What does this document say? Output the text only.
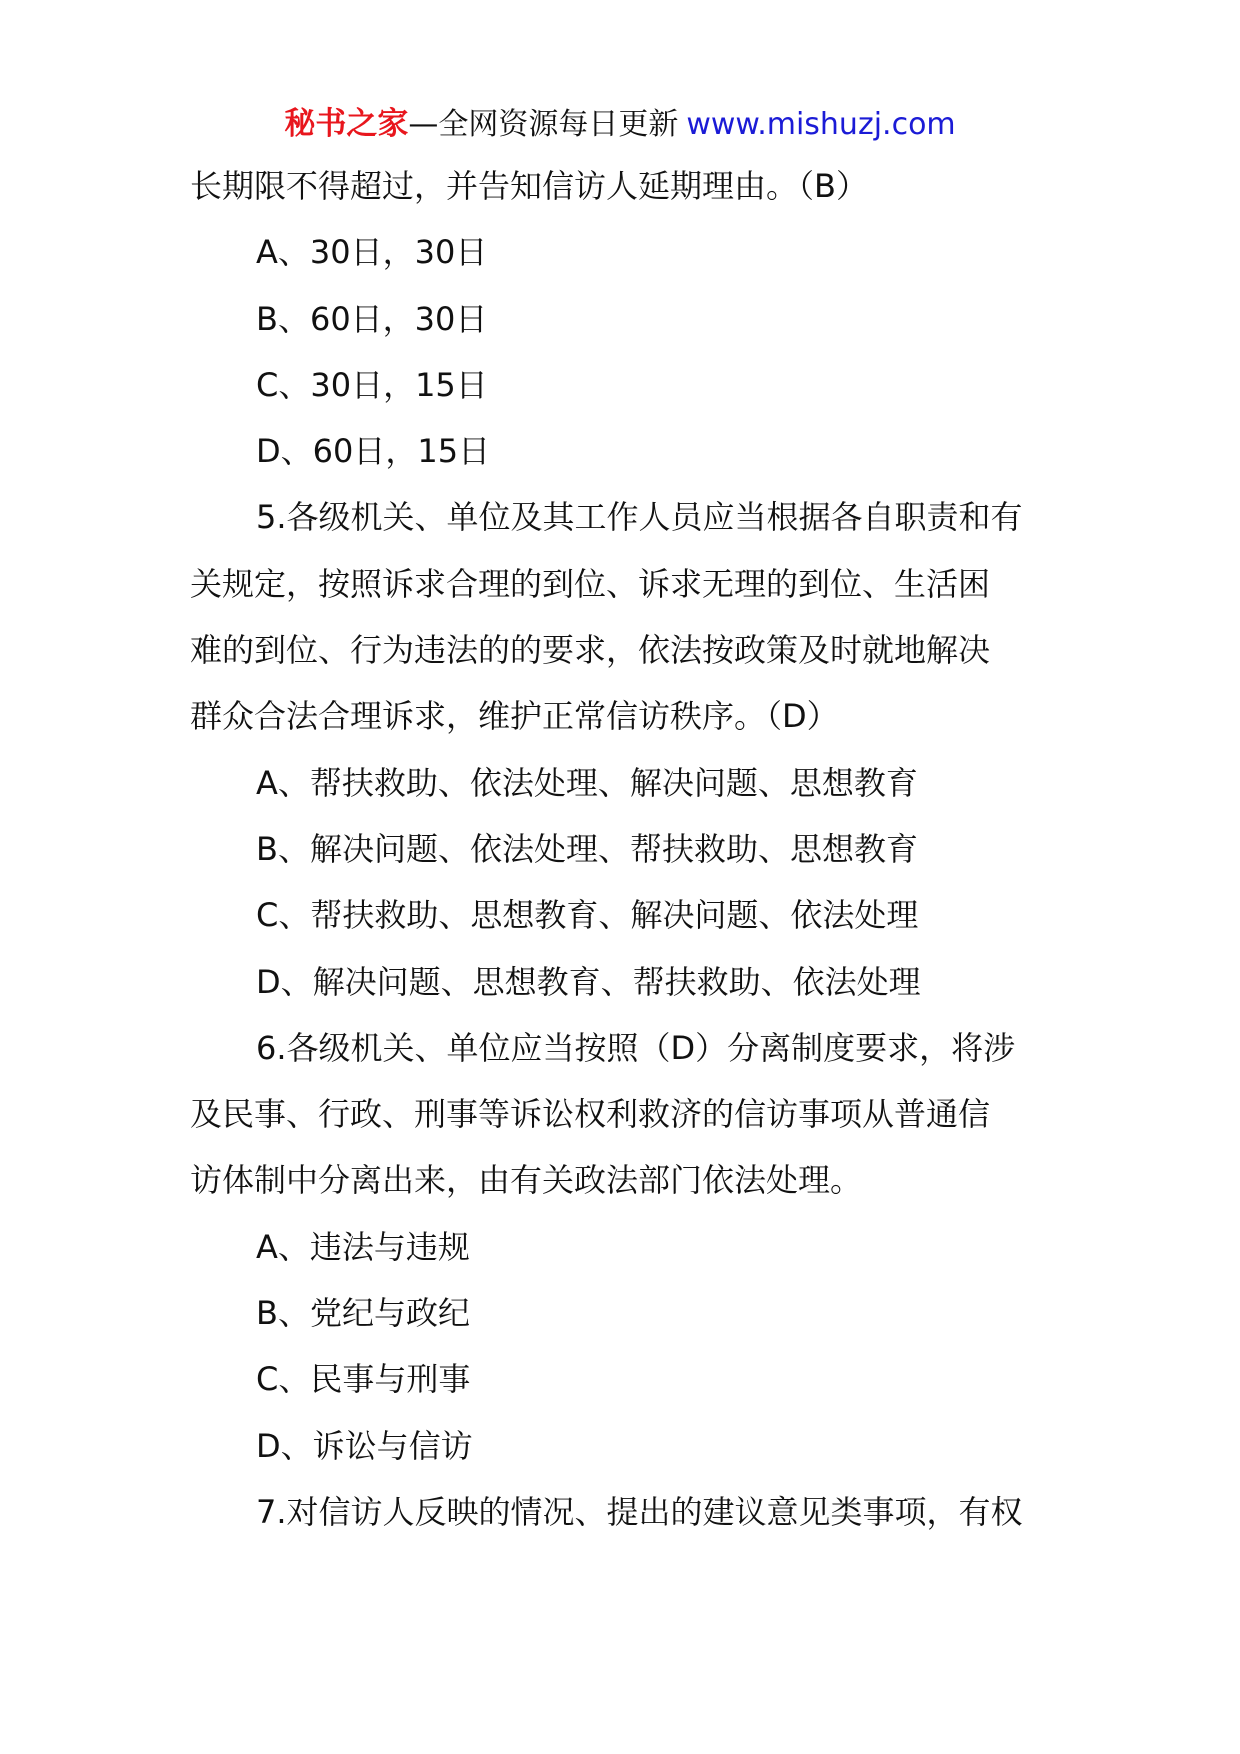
秘书之家—全网资源每日更新 www.mishuzj.com
长期限不得超过，并告知信访人延期理由。（B）
A、30日，30日
B、60日，30日
C、30日，15日
D、60日，15日
5.各级机关、单位及其工作人员应当根据各自职责和有
关规定，按照诉求合理的到位、诉求无理的到位、生活困
难的到位、行为违法的的要求，依法按政策及时就地解决
群众合法合理诉求，维护正常信访秩序。（D）
A、帮扶救助、依法处理、解决问题、思想教育
B、解决问题、依法处理、帮扶救助、思想教育
C、帮扶救助、思想教育、解决问题、依法处理
D、解决问题、思想教育、帮扶救助、依法处理
6.各级机关、单位应当按照（D）分离制度要求，将涉
及民事、行政、刑事等诉讼权利救济的信访事项从普通信
访体制中分离出来，由有关政法部门依法处理。
A、违法与违规
B、党纪与政纪
C、民事与刑事
D、诉讼与信访
7.对信访人反映的情况、提出的建议意见类事项，有权
